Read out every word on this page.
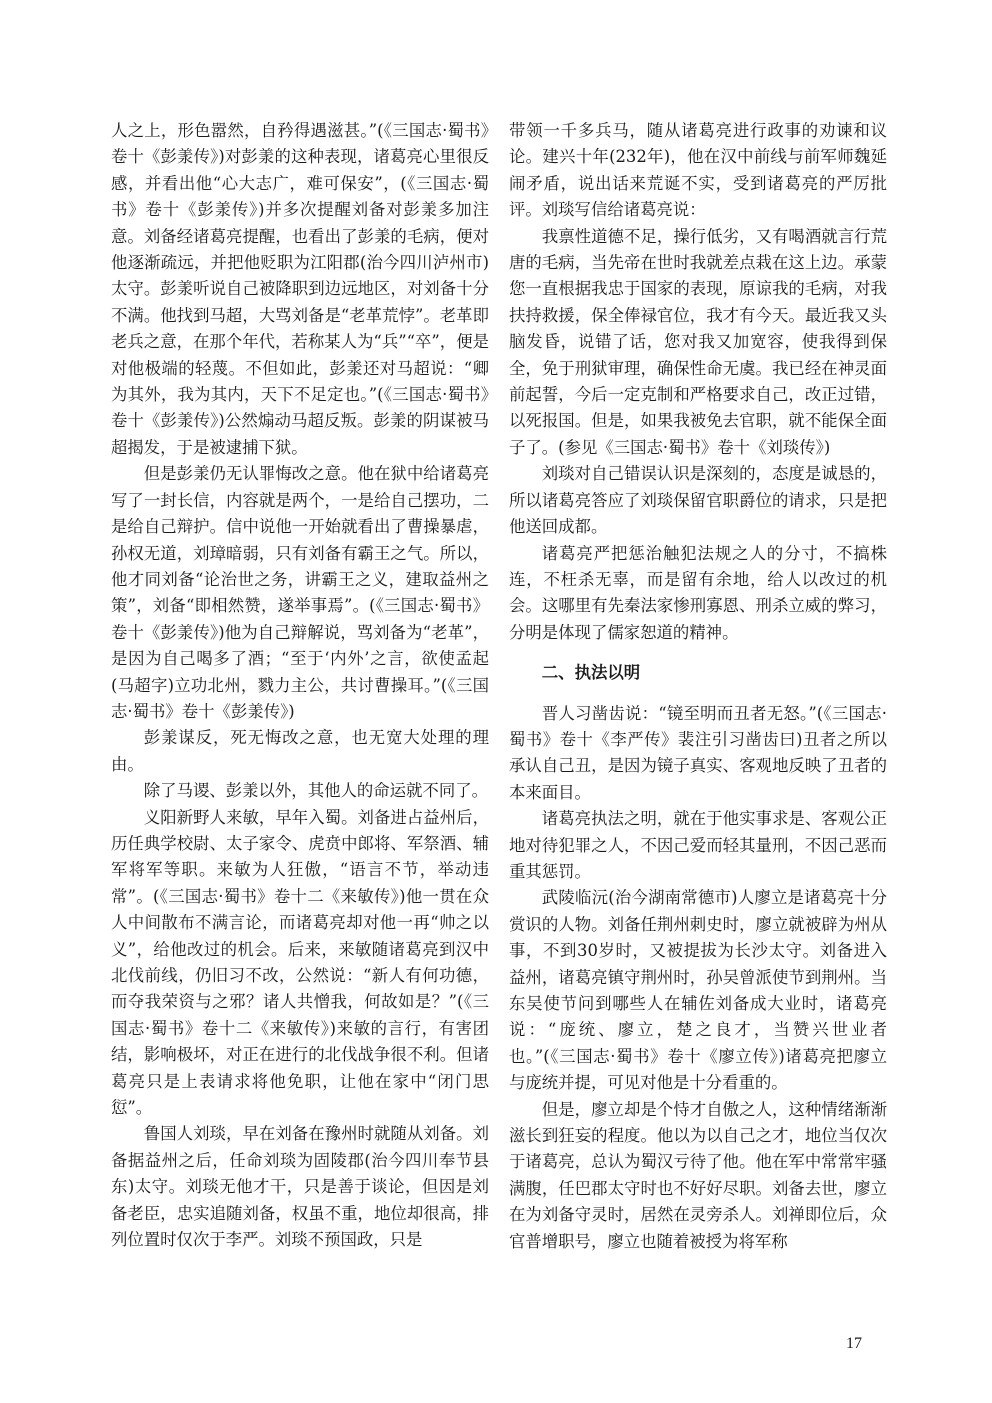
人之上，形色嚣然，自矜得遇滋甚。”(《三国志·蜀书》卷十《彭羕传》)对彭羕的这种表现，诸葛亮心里很反感，并看出他“心大志广，难可保安”，(《三国志·蜀书》卷十《彭羕传》)并多次提醒刘备对彭羕多加注意。刘备经诸葛亮提醒，也看出了彭羕的毛病，便对他逐渐疏远，并把他贬职为江阳郡(治今四川泸州市)太守。彭羕听说自己被降职到边远地区，对刘备十分不满。他找到马超，大骂刘备是“老革荒悖”。老革即老兵之意，在那个年代，若称某人为“兵”“卒”，便是对他极端的轻蔑。不但如此，彭羕还对马超说：“卿为其外，我为其内，天下不足定也。”(《三国志·蜀书》卷十《彭羕传》)公然煽动马超反叛。彭羕的阴谋被马超揭发，于是被逮捕下狱。

但是彭羕仍无认罪悔改之意。他在狱中给诸葛亮写了一封长信，内容就是两个，一是给自己摆功，二是给自己辩护。信中说他一开始就看出了曹操暴虐，孙权无道，刘璋暗弱，只有刘备有霸王之气。所以，他才同刘备“论治世之务，讲霸王之义，建取益州之策”，刘备“即相然赞，遂举事焉”。(《三国志·蜀书》卷十《彭羕传》)他为自己辩解说，骂刘备为“老革”，是因为自己喝多了酒；“至于‘内外’之言，欲使孟起(马超字)立功北州，戮力主公，共讨曹操耳。”(《三国志·蜀书》卷十《彭羕传》)

彭羕谋反，死无悔改之意，也无宽大处理的理由。

除了马谡、彭羕以外，其他人的命运就不同了。

义阳新野人来敏，早年入蜀。刘备进占益州后，历任典学校尉、太子家令、虎贲中郎将、军祭酒、辅军将军等职。来敏为人狂傲，“语言不节，举动违常”。(《三国志·蜀书》卷十二《来敏传》)他一贯在众人中间散布不满言论，而诸葛亮却对他一再“帅之以义”，给他改过的机会。后来，来敏随诸葛亮到汉中北伐前线，仍旧习不改，公然说：“新人有何功德，而夺我荣资与之邪？诸人共憎我，何故如是？”(《三国志·蜀书》卷十二《来敏传》)来敏的言行，有害团结，影响极坏，对正在进行的北伐战争很不利。但诸葛亮只是上表请求将他免职，让他在家中“闭门思愆”。

鲁国人刘琰，早在刘备在豫州时就随从刘备。刘备据益州之后，任命刘琰为固陵郡(治今四川奉节县东)太守。刘琰无他才干，只是善于谈论，但因是刘备老臣，忠实追随刘备，权虽不重，地位却很高，排列位置时仅次于李严。刘琰不预国政，只是

带领一千多兵马，随从诸葛亮进行政事的劝谏和议论。建兴十年(232年)，他在汉中前线与前军师魏延闹矛盾，说出话来荒诞不实，受到诸葛亮的严厉批评。刘琰写信给诸葛亮说：

我禀性道德不足，操行低劣，又有喝酒就言行荒唐的毛病，当先帝在世时我就差点栽在这上边。承蒙您一直根据我忠于国家的表现，原谅我的毛病，对我扶持救援，保全俸禄官位，我才有今天。最近我又头脑发昏，说错了话，您对我又加宽容，使我得到保全，免于刑狱审理，确保性命无虞。我已经在神灵面前起誓，今后一定克制和严格要求自己，改正过错，以死报国。但是，如果我被免去官职，就不能保全面子了。(参见《三国志·蜀书》卷十《刘琰传》)

刘琰对自己错误认识是深刻的，态度是诚恳的，所以诸葛亮答应了刘琰保留官职爵位的请求，只是把他送回成都。

诸葛亮严把惩治触犯法规之人的分寸，不搞株连，不枉杀无辜，而是留有余地，给人以改过的机会。这哪里有先秦法家惨刑寡恩、刑杀立威的弊习，分明是体现了儒家恕道的精神。

二、执法以明

晋人习凿齿说：“镜至明而丑者无怒。”(《三国志·蜀书》卷十《李严传》裴注引习凿齿曰)丑者之所以承认自己丑，是因为镜子真实、客观地反映了丑者的本来面目。

诸葛亮执法之明，就在于他实事求是、客观公正地对待犯罪之人，不因己爱而轻其量刑，不因己恶而重其惩罚。

武陵临沅(治今湖南常德市)人廖立是诸葛亮十分赏识的人物。刘备任荆州刺史时，廖立就被辟为州从事，不到30岁时，又被提拔为长沙太守。刘备进入益州，诸葛亮镇守荆州时，孙吴曾派使节到荆州。当东吴使节问到哪些人在辅佐刘备成大业时，诸葛亮说：“庞统、廖立，楚之良才，当赞兴世业者也。”(《三国志·蜀书》卷十《廖立传》)诸葛亮把廖立与庞统并提，可见对他是十分看重的。

但是，廖立却是个恃才自傲之人，这种情绪渐渐滋长到狂妄的程度。他以为以自己之才，地位当仅次于诸葛亮，总认为蜀汉亏待了他。他在军中常常牢骚满腹，任巴郡太守时也不好好尽职。刘备去世，廖立在为刘备守灵时，居然在灵旁杀人。刘禅即位后，众官普增职号，廖立也随着被授为将军称

17
